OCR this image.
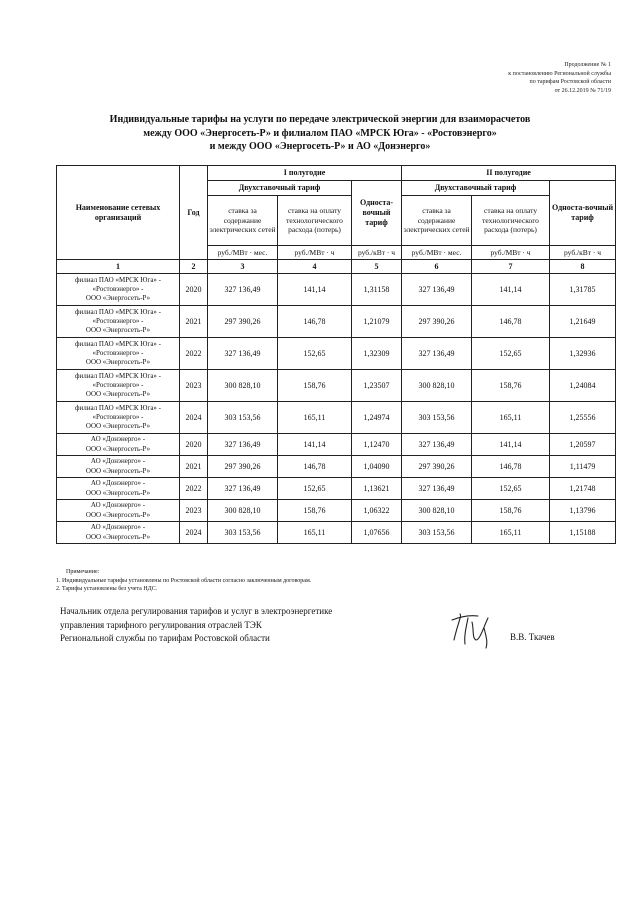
Продолжение № 1
к постановлению Региональной службы
по тарифам Ростовской области
от 26.12.2019 № 71/19
Индивидуальные тарифы на услуги по передаче электрической энергии для взаиморасчетов
между ООО «Энергосеть-Р» и филиалом ПАО «МРСК Юга» - «Ростовэнерго»
и между ООО «Энергосеть-Р» и АО «Донэнерго»
Наименование сетевых организаций	Год	I полугодие			II полугодие		
		Двухставочный тариф		Односта-вочный тариф	Двухставочный тариф		Односта-вочный тариф
		ставка за содержание электрических сетей	ставка на оплату технологического расхода (потерь)		ставка за содержание электрических сетей	ставка на оплату технологического расхода (потерь)	
		руб./МВт · мес.	руб./МВт · ч	руб./кВт · ч	руб./МВт · мес.	руб./МВт · ч	руб./кВт · ч
1	2	3	4	5	6	7	8

филиал ПАО «МРСК Юга» -
«Ростовэнерго» -
ООО «Энергосеть-Р»	2020	327 136,49	141,14	1,31158	327 136,49	141,14	1,31785

филиал ПАО «МРСК Юга» -
«Ростовэнерго» -
ООО «Энергосеть-Р»	2021	297 390,26	146,78	1,21079	297 390,26	146,78	1,21649

филиал ПАО «МРСК Юга» -
«Ростовэнерго» -
ООО «Энергосеть-Р»	2022	327 136,49	152,65	1,32309	327 136,49	152,65	1,32936

филиал ПАО «МРСК Юга» -
«Ростовэнерго» -
ООО «Энергосеть-Р»	2023	300 828,10	158,76	1,23507	300 828,10	158,76	1,24084

филиал ПАО «МРСК Юга» -
«Ростовэнерго» -
ООО «Энергосеть-Р»	2024	303 153,56	165,11	1,24974	303 153,56	165,11	1,25556

АО «Донэнерго» -
ООО «Энергосеть-Р»	2020	327 136,49	141,14	1,12470	327 136,49	141,14	1,20597

АО «Донэнерго» -
ООО «Энергосеть-Р»	2021	297 390,26	146,78	1,04090	297 390,26	146,78	1,11479

АО «Донэнерго» -
ООО «Энергосеть-Р»	2022	327 136,49	152,65	1,13621	327 136,49	152,65	1,21748

АО «Донэнерго» -
ООО «Энергосеть-Р»	2023	300 828,10	158,76	1,06322	300 828,10	158,76	1,13796

АО «Донэнерго» -
ООО «Энергосеть-Р»	2024	303 153,56	165,11	1,07656	303 153,56	165,11	1,15188
Примечание:
1. Индивидуальные тарифы установлены по Ростовской области согласно заключенным договорам.
2. Тарифы установлены без учета НДС.
Начальник отдела регулирования тарифов и услуг в электроэнергетике
управления тарифного регулирования отраслей ТЭК
Региональной службы по тарифам Ростовской области	В.В. Ткачев
